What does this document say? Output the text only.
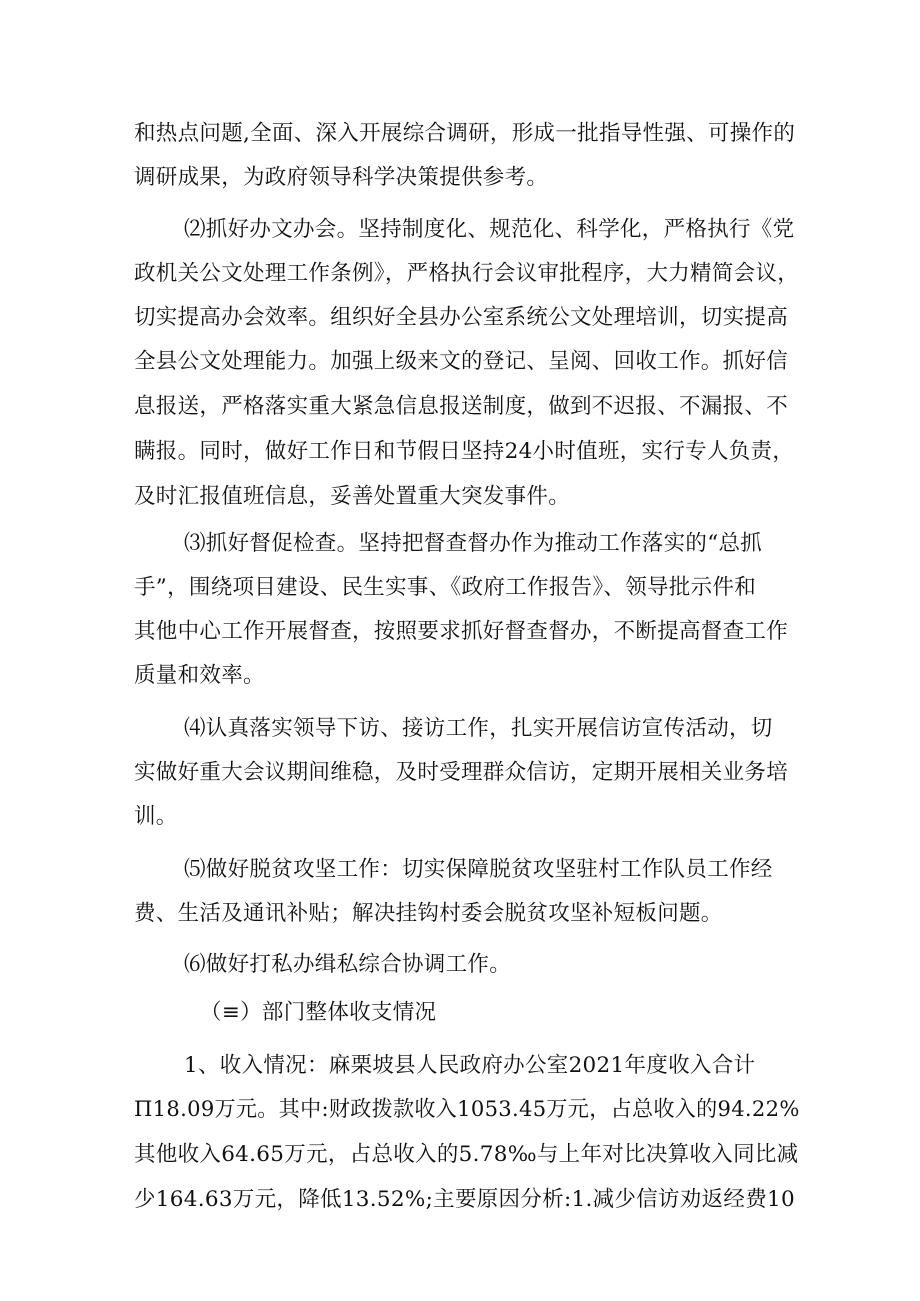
和热点问题,全面、深入开展综合调研，形成一批指导性强、可操作的
调研成果，为政府领导科学决策提供参考。
⑵抓好办文办会。坚持制度化、规范化、科学化，严格执行《党
政机关公文处理工作条例》，严格执行会议审批程序，大力精简会议，
切实提高办会效率。组织好全县办公室系统公文处理培训，切实提高
全县公文处理能力。加强上级来文的登记、呈阅、回收工作。抓好信
息报送，严格落实重大紧急信息报送制度，做到不迟报、不漏报、不
瞒报。同时，做好工作日和节假日坚持24小时值班，实行专人负责，
及时汇报值班信息，妥善处置重大突发事件。
⑶抓好督促检查。坚持把督查督办作为推动工作落实的“总抓
手”，围绕项目建设、民生实事、《政府工作报告》、领导批示件和
其他中心工作开展督查，按照要求抓好督查督办，不断提高督查工作
质量和效率。
⑷认真落实领导下访、接访工作，扎实开展信访宣传活动，切
实做好重大会议期间维稳，及时受理群众信访，定期开展相关业务培
训。
⑸做好脱贫攻坚工作：切实保障脱贫攻坚驻村工作队员工作经
费、生活及通讯补贴；解决挂钩村委会脱贫攻坚补短板问题。
⑹做好打私办缉私综合协调工作。
（≡）部门整体收支情况
1、收入情况：麻栗坡县人民政府办公室2021年度收入合计
Π18.09万元。其中:财政拨款收入1053.45万元，占总收入的94.22%
其他收入64.65万元，占总收入的5.78‰与上年对比决算收入同比减
少164.63万元，降低13.52%;主要原因分析:1.减少信访劝返经费10
